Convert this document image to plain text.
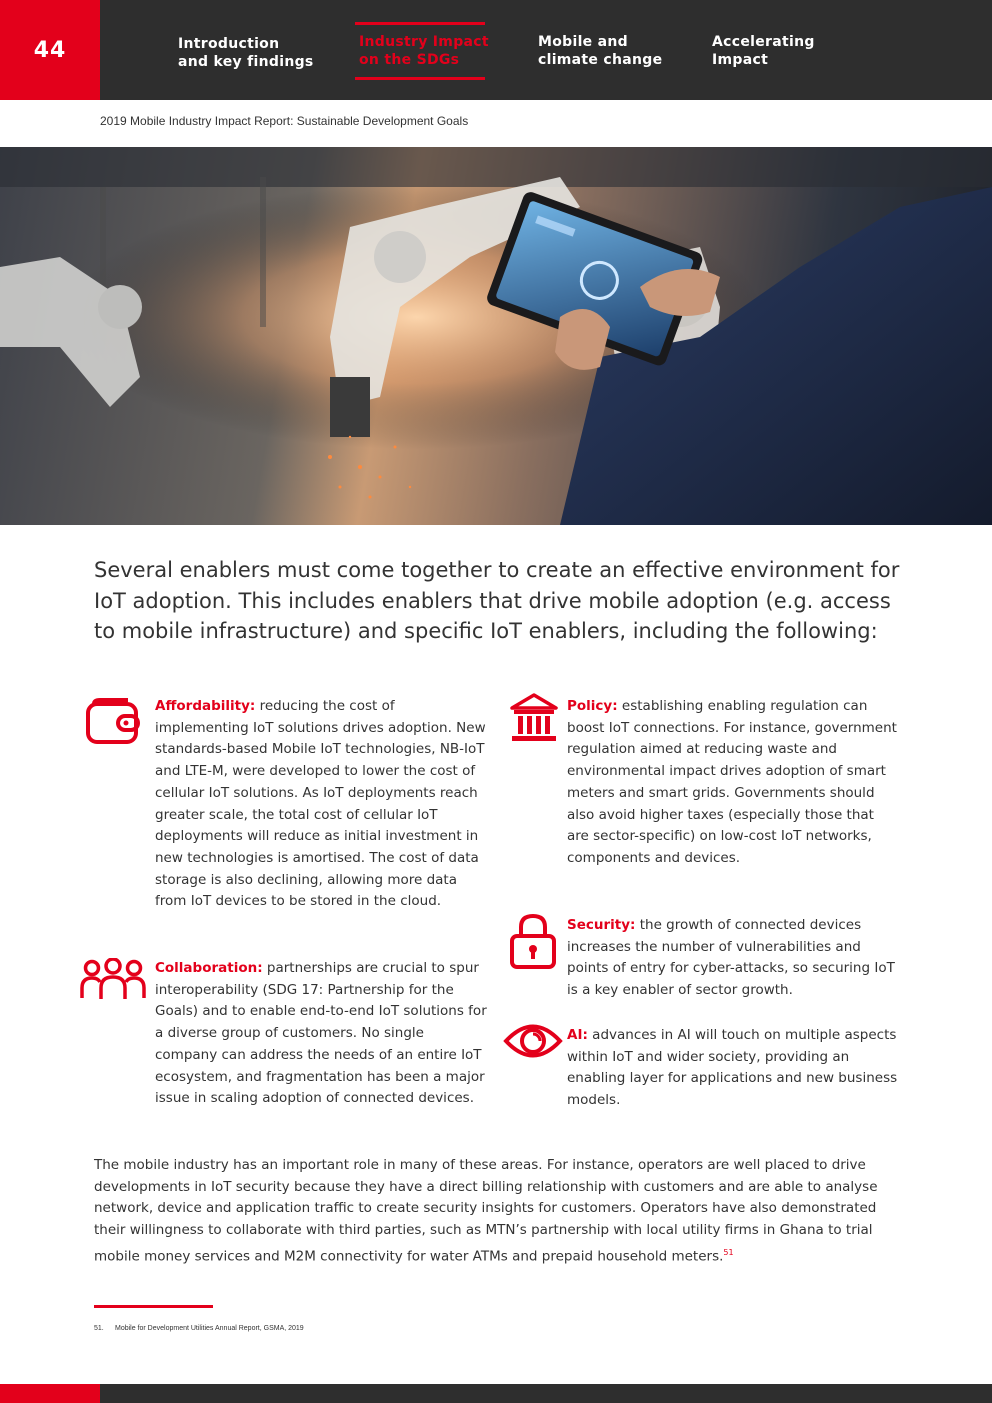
44	Introduction
and key findings
Industry Impact
on the SDGs
Mobile and
climate change
Accelerating
Impact
2019 Mobile Industry Impact Report: Sustainable Development Goals
Several enablers must come together to create an effective environment for IoT adoption. This includes enablers that drive mobile adoption (e.g. access to mobile infrastructure) and specific IoT enablers, including the following:
Affordability: reducing the cost of implementing IoT solutions drives adoption. New standards-based Mobile IoT technologies, NB-IoT and LTE-M, were developed to lower the cost of cellular IoT solutions. As IoT deployments reach greater scale, the total cost of cellular IoT deployments will reduce as initial investment in new technologies is amortised. The cost of data storage is also declining, allowing more data from IoT devices to be stored in the cloud.
Collaboration: partnerships are crucial to spur interoperability (SDG 17: Partnership for the Goals) and to enable end-to-end IoT solutions for a diverse group of customers. No single company can address the needs of an entire IoT ecosystem, and fragmentation has been a major issue in scaling adoption of connected devices.
Policy: establishing enabling regulation can boost IoT connections. For instance, government regulation aimed at reducing waste and environmental impact drives adoption of smart meters and smart grids. Governments should also avoid higher taxes (especially those that are sector-specific) on low-cost IoT networks, components and devices.
Security: the growth of connected devices increases the number of vulnerabilities and points of entry for cyber-attacks, so securing IoT is a key enabler of sector growth.
AI: advances in AI will touch on multiple aspects within IoT and wider society, providing an enabling layer for applications and new business models.
The mobile industry has an important role in many of these areas. For instance, operators are well placed to drive developments in IoT security because they have a direct billing relationship with customers and are able to analyse network, device and application traffic to create security insights for customers. Operators have also demonstrated their willingness to collaborate with third parties, such as MTN’s partnership with local utility firms in Ghana to trial mobile money services and M2M connectivity for water ATMs and prepaid household meters.$^{51}$
51. Mobile for Development Utilities Annual Report, GSMA, 2019
